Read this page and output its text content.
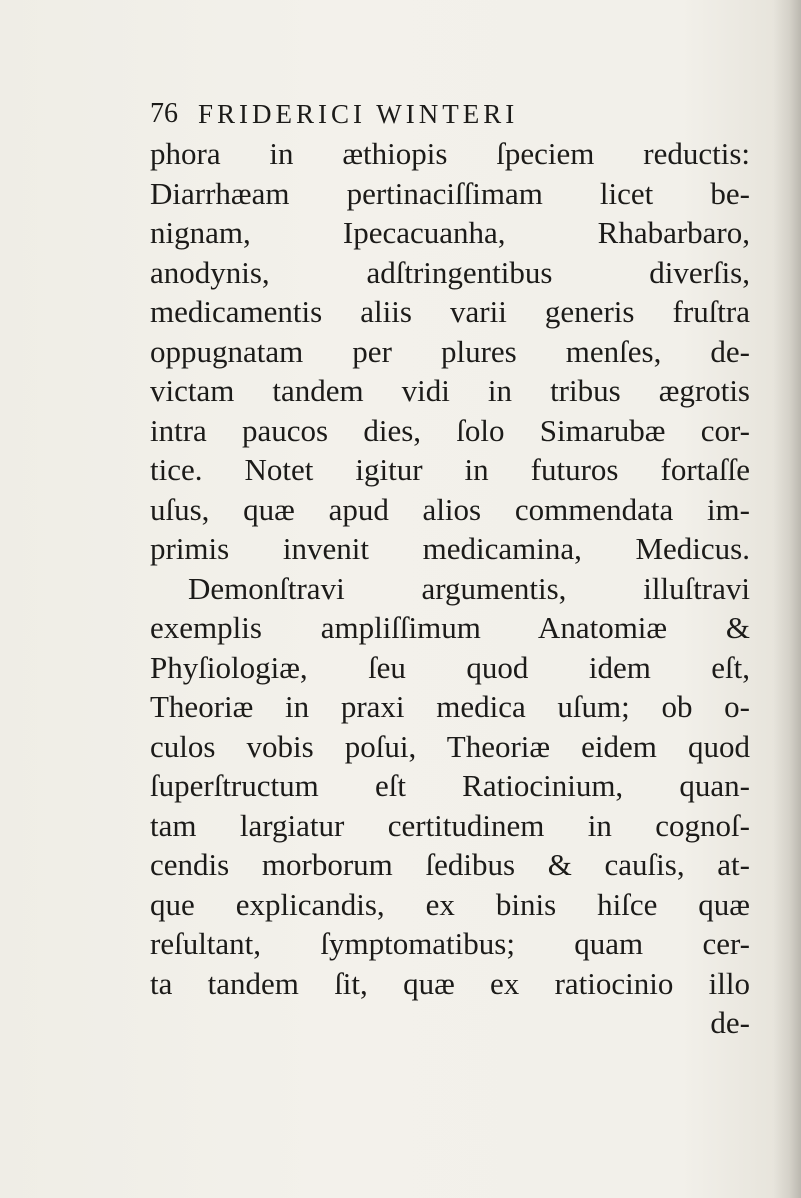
76 FRIDERICI WINTERI
phora in æthiopis ſpeciem reductis:
Diarrhæam pertinaciſſimam licet be-
nignam, Ipecacuanha, Rhabarbaro,
anodynis, adſtringentibus diverſis,
medicamentis aliis varii generis fruſtra
oppugnatam per plures menſes, de-
victam tandem vidi in tribus ægrotis
intra paucos dies, ſolo Simarubæ cor-
tice. Notet igitur in futuros fortaſſe
uſus, quæ apud alios commendata im-
primis invenit medicamina, Medicus.
Demonſtravi argumentis, illuſtravi
exemplis ampliſſimum Anatomiæ &
Phyſiologiæ, ſeu quod idem eſt,
Theoriæ in praxi medica uſum; ob o-
culos vobis poſui, Theoriæ eidem quod
ſuperſtructum eſt Ratiocinium, quan-
tam largiatur certitudinem in cognoſ-
cendis morborum ſedibus & cauſis, at-
que explicandis, ex binis hiſce quæ
reſultant, ſymptomatibus; quam cer-
ta tandem ſit, quæ ex ratiocinio illo
de-
